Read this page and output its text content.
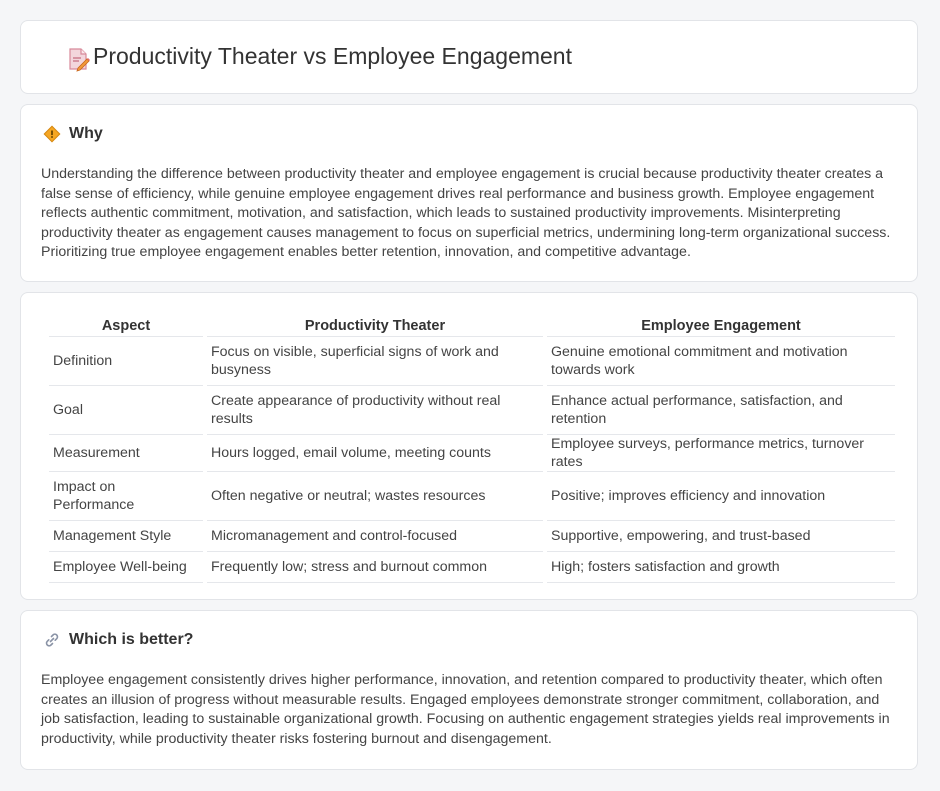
Productivity Theater vs Employee Engagement
Why

Understanding the difference between productivity theater and employee engagement is crucial because productivity theater creates a false sense of efficiency, while genuine employee engagement drives real performance and business growth. Employee engagement reflects authentic commitment, motivation, and satisfaction, which leads to sustained productivity improvements. Misinterpreting productivity theater as engagement causes management to focus on superficial metrics, undermining long-term organizational success. Prioritizing true employee engagement enables better retention, innovation, and competitive advantage.

Aspect	Productivity Theater	Employee Engagement
Definition	Focus on visible, superficial signs of work and busyness	Genuine emotional commitment and motivation towards work
Goal	Create appearance of productivity without real results	Enhance actual performance, satisfaction, and retention
Measurement	Hours logged, email volume, meeting counts	Employee surveys, performance metrics, turnover rates
Impact on Performance	Often negative or neutral; wastes resources	Positive; improves efficiency and innovation
Management Style	Micromanagement and control-focused	Supportive, empowering, and trust-based
Employee Well-being	Frequently low; stress and burnout common	High; fosters satisfaction and growth
Which is better?

Employee engagement consistently drives higher performance, innovation, and retention compared to productivity theater, which often creates an illusion of progress without measurable results. Engaged employees demonstrate stronger commitment, collaboration, and job satisfaction, leading to sustainable organizational growth. Focusing on authentic engagement strategies yields real improvements in productivity, while productivity theater risks fostering burnout and disengagement.
